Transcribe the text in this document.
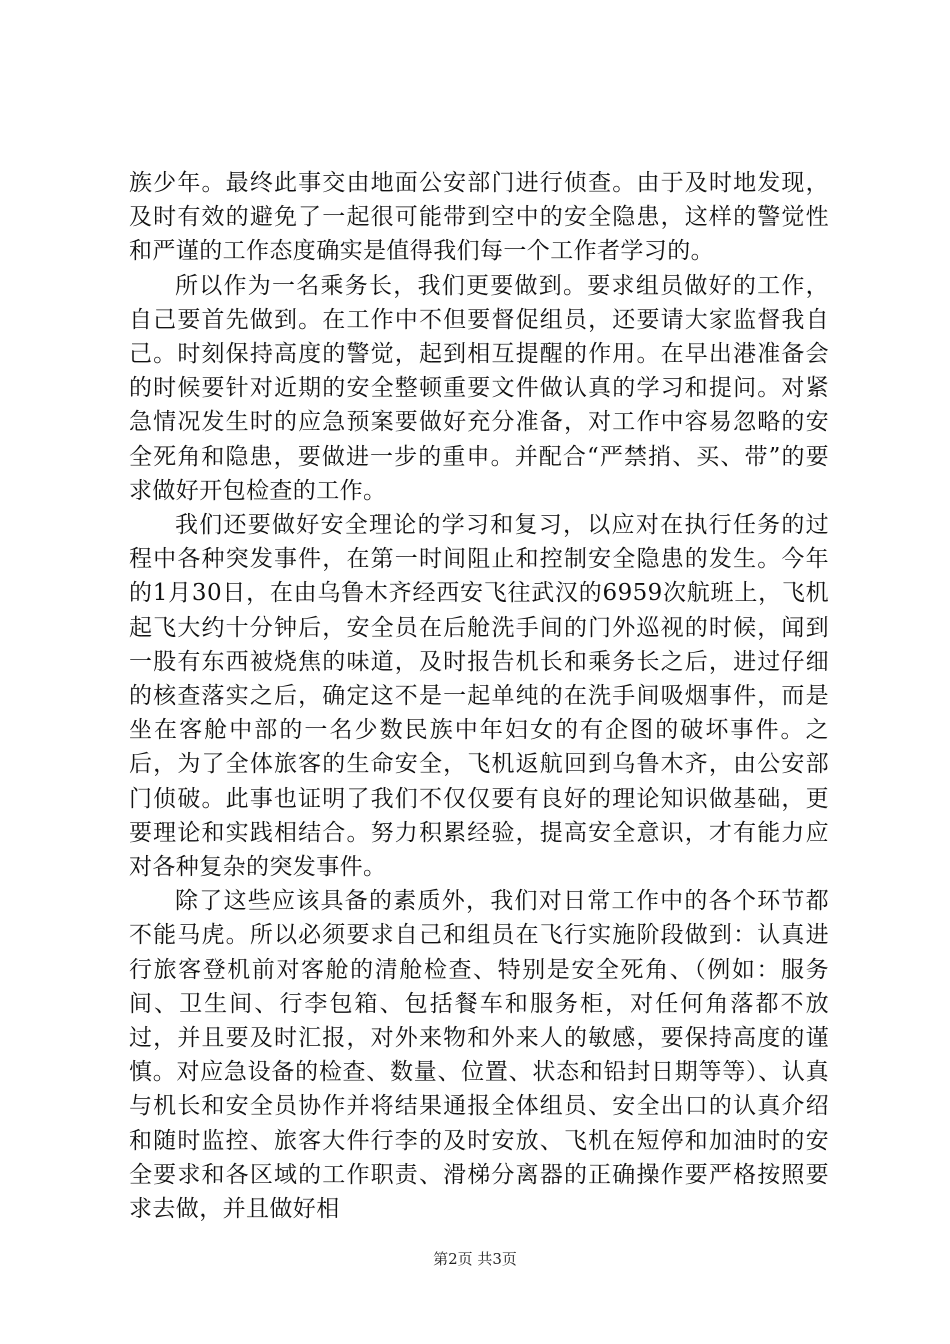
族少年。最终此事交由地面公安部门进行侦查。由于及时地发现，及时有效的避免了一起很可能带到空中的安全隐患，这样的警觉性和严谨的工作态度确实是值得我们每一个工作者学习的。

所以作为一名乘务长，我们更要做到。要求组员做好的工作，自己要首先做到。在工作中不但要督促组员，还要请大家监督我自己。时刻保持高度的警觉，起到相互提醒的作用。在早出港准备会的时候要针对近期的安全整顿重要文件做认真的学习和提问。对紧急情况发生时的应急预案要做好充分准备，对工作中容易忽略的安全死角和隐患，要做进一步的重申。并配合“严禁捎、买、带”的要求做好开包检查的工作。

我们还要做好安全理论的学习和复习，以应对在执行任务的过程中各种突发事件，在第一时间阻止和控制安全隐患的发生。今年的1月30日，在由乌鲁木齐经西安飞往武汉的6959次航班上，飞机起飞大约十分钟后，安全员在后舱洗手间的门外巡视的时候，闻到一股有东西被烧焦的味道，及时报告机长和乘务长之后，进过仔细的核查落实之后，确定这不是一起单纯的在洗手间吸烟事件，而是坐在客舱中部的一名少数民族中年妇女的有企图的破坏事件。之后，为了全体旅客的生命安全，飞机返航回到乌鲁木齐，由公安部门侦破。此事也证明了我们不仅仅要有良好的理论知识做基础，更要理论和实践相结合。努力积累经验，提高安全意识，才有能力应对各种复杂的突发事件。

除了这些应该具备的素质外，我们对日常工作中的各个环节都不能马虎。所以必须要求自己和组员在飞行实施阶段做到：认真进行旅客登机前对客舱的清舱检查、特别是安全死角、（例如：服务间、卫生间、行李包箱、包括餐车和服务柜，对任何角落都不放过，并且要及时汇报，对外来物和外来人的敏感，要保持高度的谨慎。对应急设备的检查、数量、位置、状态和铅封日期等等）、认真与机长和安全员协作并将结果通报全体组员、安全出口的认真介绍和随时监控、旅客大件行李的及时安放、飞机在短停和加油时的安全要求和各区域的工作职责、滑梯分离器的正确操作要严格按照要求去做，并且做好相

第2页 共3页
